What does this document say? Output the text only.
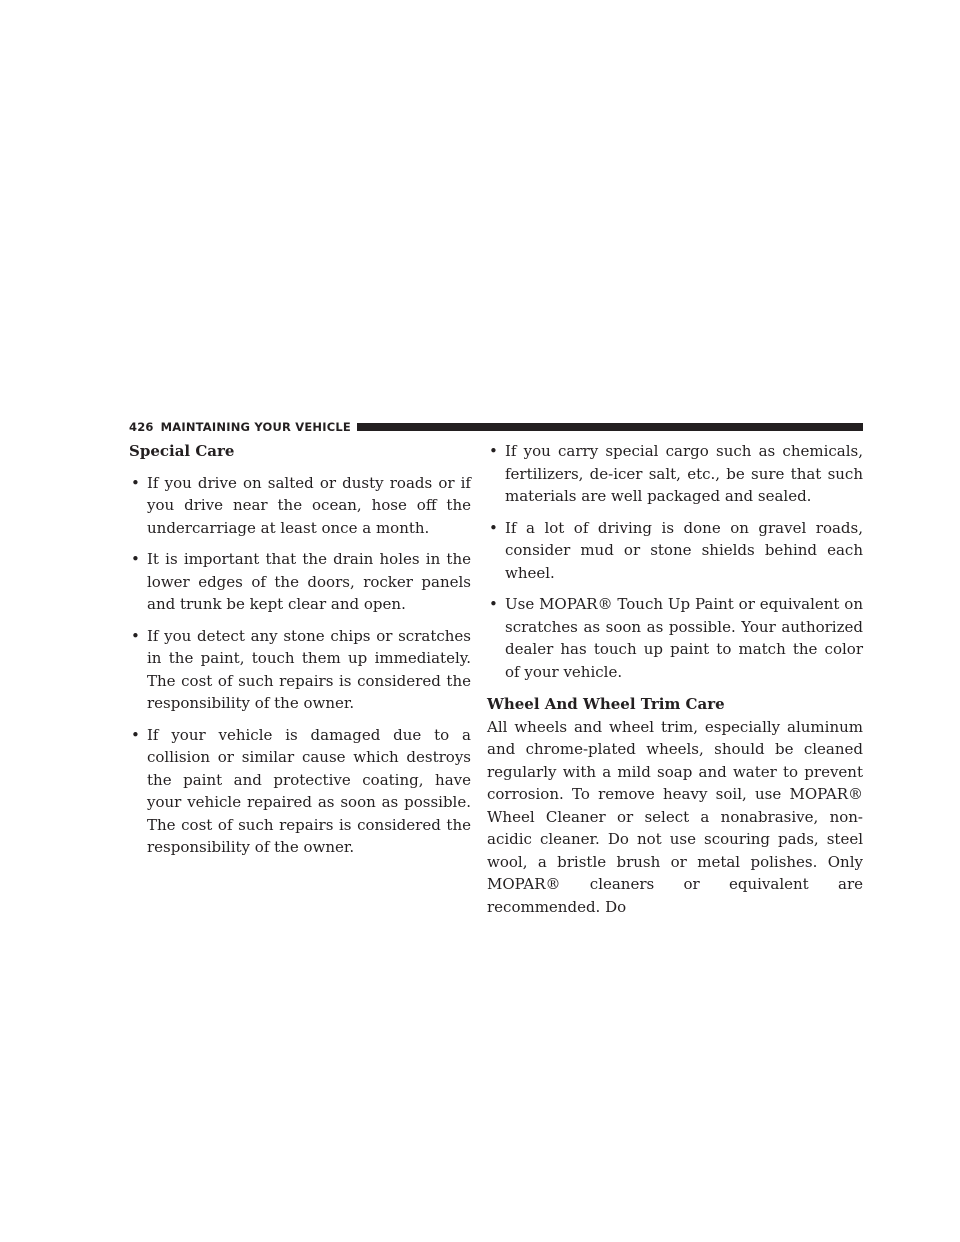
426 MAINTAINING YOUR VEHICLE
Special Care
• If you drive on salted or dusty roads or if you drive near the ocean, hose off the undercarriage at least once a month.
• It is important that the drain holes in the lower edges of the doors, rocker panels and trunk be kept clear and open.
• If you detect any stone chips or scratches in the paint, touch them up immediately. The cost of such repairs is considered the responsibility of the owner.
• If your vehicle is damaged due to a collision or similar cause which destroys the paint and protective coating, have your vehicle repaired as soon as possible. The cost of such repairs is considered the responsibility of the owner.
• If you carry special cargo such as chemicals, fertilizers, de-icer salt, etc., be sure that such materials are well packaged and sealed.
• If a lot of driving is done on gravel roads, consider mud or stone shields behind each wheel.
• Use MOPAR® Touch Up Paint or equivalent on scratches as soon as possible. Your authorized dealer has touch up paint to match the color of your vehicle.
Wheel And Wheel Trim Care

All wheels and wheel trim, especially aluminum and chrome-plated wheels, should be cleaned regularly with a mild soap and water to prevent corrosion. To remove heavy soil, use MOPAR® Wheel Cleaner or select a nonabrasive, non-acidic cleaner. Do not use scouring pads, steel wool, a bristle brush or metal polishes. Only MOPAR® cleaners or equivalent are recommended. Do
